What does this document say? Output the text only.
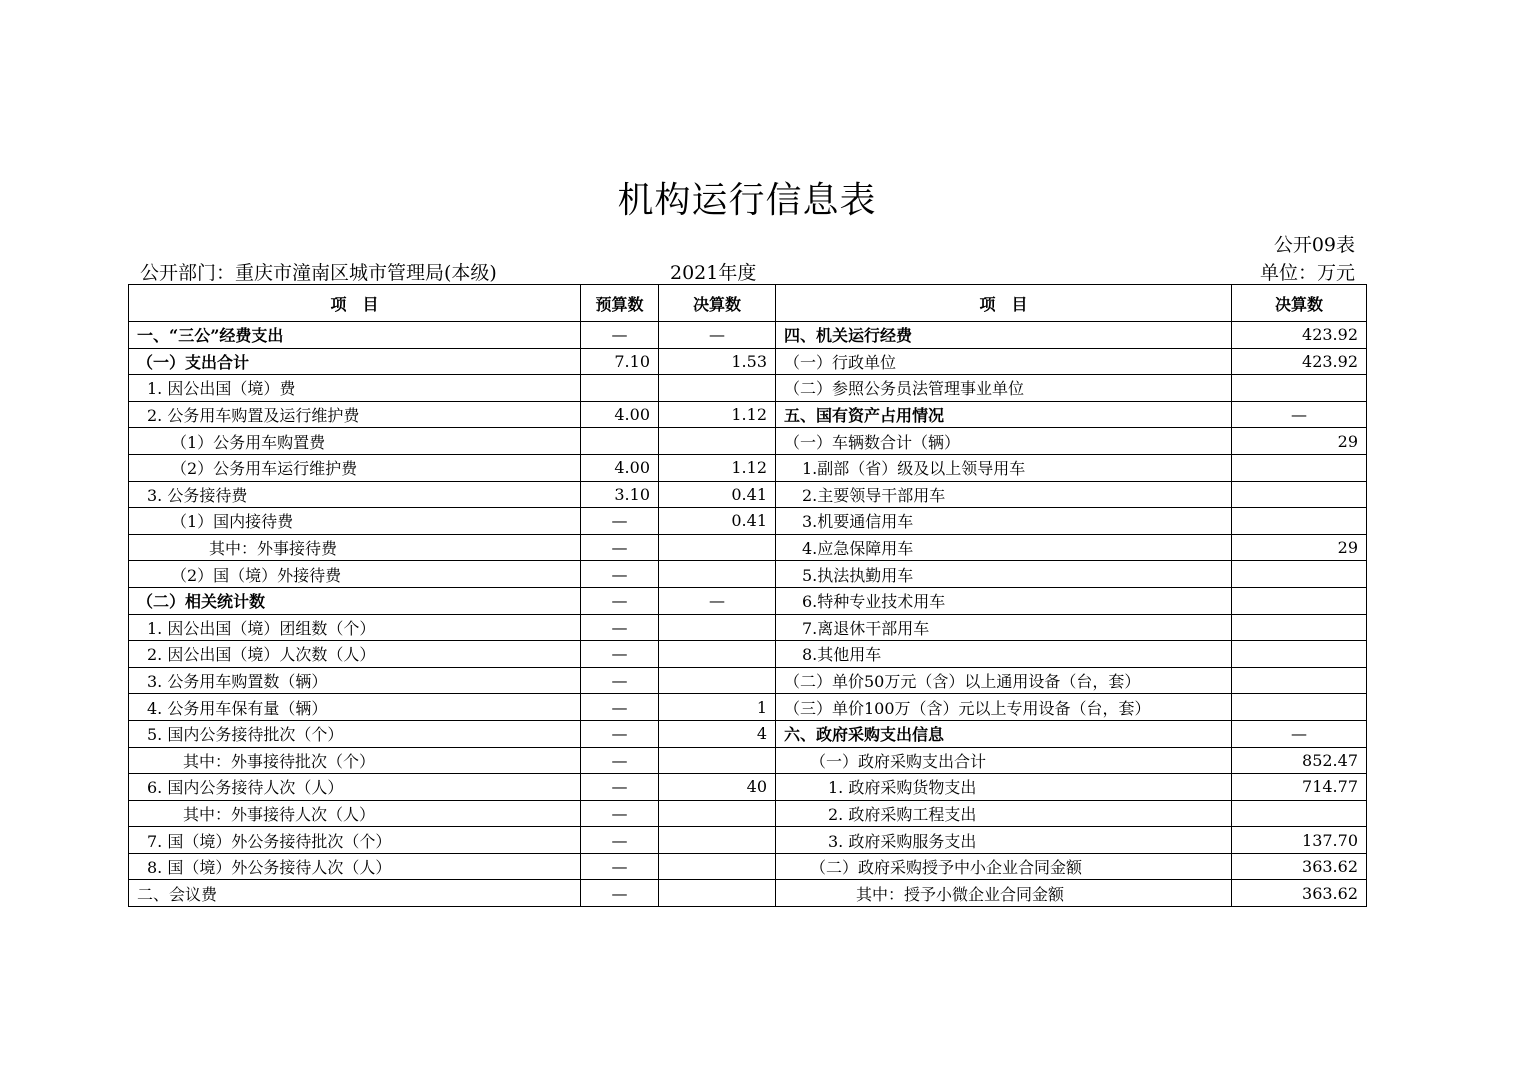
机构运行信息表
公开09表
公开部门：重庆市潼南区城市管理局(本级)	2021年度	单位：万元
项　目	预算数	决算数	项　目	决算数
一、“三公”经费支出	—	—	四、机关运行经费	423.92
（一）支出合计	7.10	1.53	（一）行政单位	423.92
1. 因公出国（境）费			（二）参照公务员法管理事业单位	
2. 公务用车购置及运行维护费	4.00	1.12	五、国有资产占用情况	—
（1）公务用车购置费			（一）车辆数合计（辆）	29
（2）公务用车运行维护费	4.00	1.12	1.副部（省）级及以上领导用车	
3. 公务接待费	3.10	0.41	2.主要领导干部用车	
（1）国内接待费	—	0.41	3.机要通信用车	
其中：外事接待费	—		4.应急保障用车	29
（2）国（境）外接待费	—		5.执法执勤用车	
（二）相关统计数	—	—	6.特种专业技术用车	
1. 因公出国（境）团组数（个）	—		7.离退休干部用车	
2. 因公出国（境）人次数（人）	—		8.其他用车	
3. 公务用车购置数（辆）	—		（二）单价50万元（含）以上通用设备（台，套）	
4. 公务用车保有量（辆）	—	1	（三）单价100万（含）元以上专用设备（台，套）	
5. 国内公务接待批次（个）	—	4	六、政府采购支出信息	—
其中：外事接待批次（个）	—		（一）政府采购支出合计	852.47
6. 国内公务接待人次（人）	—	40	1. 政府采购货物支出	714.77
其中：外事接待人次（人）	—		2. 政府采购工程支出	
7. 国（境）外公务接待批次（个）	—		3. 政府采购服务支出	137.70
8. 国（境）外公务接待人次（人）	—		（二）政府采购授予中小企业合同金额	363.62
二、会议费	—		其中：授予小微企业合同金额	363.62
